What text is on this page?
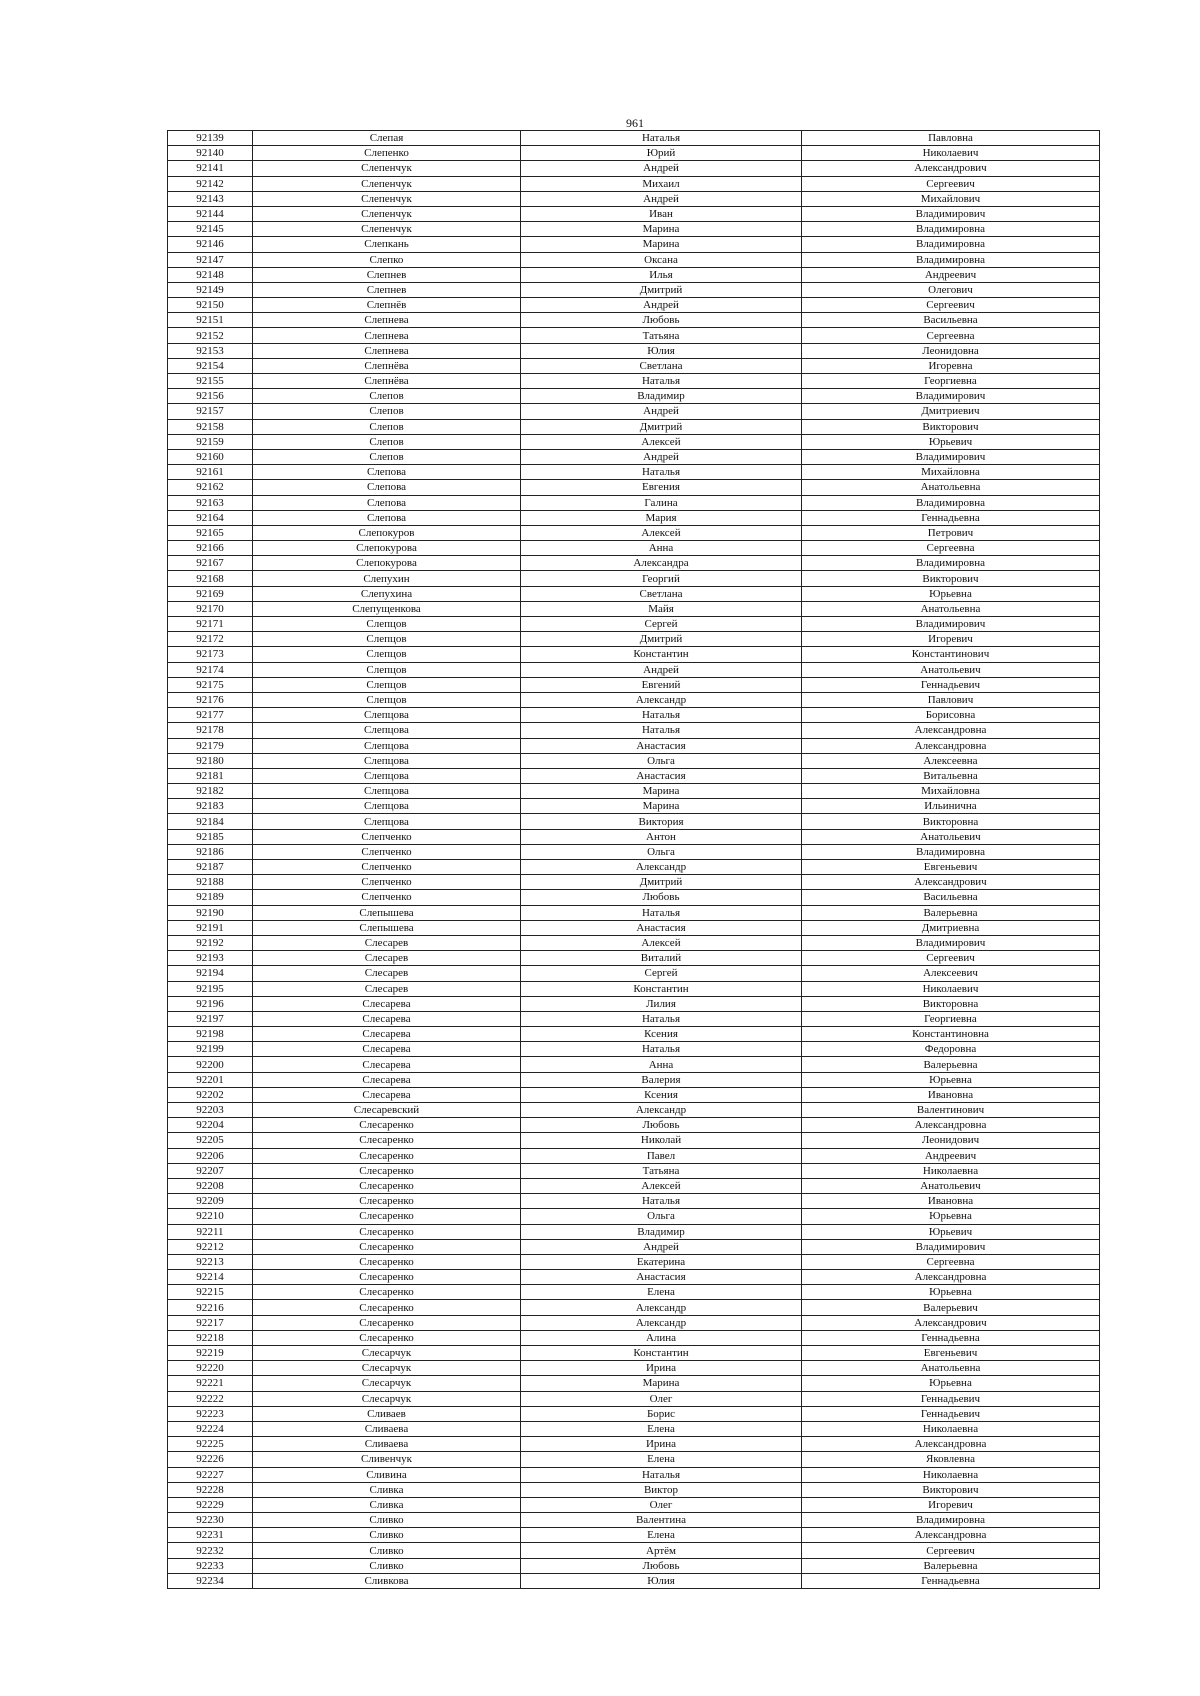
961
92139	Слепая	Наталья	Павловна
92140	Слепенко	Юрий	Николаевич
92141	Слепенчук	Андрей	Александрович
92142	Слепенчук	Михаил	Сергеевич
92143	Слепенчук	Андрей	Михайлович
92144	Слепенчук	Иван	Владимирович
92145	Слепенчук	Марина	Владимировна
92146	Слепкань	Марина	Владимировна
92147	Слепко	Оксана	Владимировна
92148	Слепнев	Илья	Андреевич
92149	Слепнев	Дмитрий	Олегович
92150	Слепнёв	Андрей	Сергеевич
92151	Слепнева	Любовь	Васильевна
92152	Слепнева	Татьяна	Сергеевна
92153	Слепнева	Юлия	Леонидовна
92154	Слепнёва	Светлана	Игоревна
92155	Слепнёва	Наталья	Георгиевна
92156	Слепов	Владимир	Владимирович
92157	Слепов	Андрей	Дмитриевич
92158	Слепов	Дмитрий	Викторович
92159	Слепов	Алексей	Юрьевич
92160	Слепов	Андрей	Владимирович
92161	Слепова	Наталья	Михайловна
92162	Слепова	Евгения	Анатольевна
92163	Слепова	Галина	Владимировна
92164	Слепова	Мария	Геннадьевна
92165	Слепокуров	Алексей	Петрович
92166	Слепокурова	Анна	Сергеевна
92167	Слепокурова	Александра	Владимировна
92168	Слепухин	Георгий	Викторович
92169	Слепухина	Светлана	Юрьевна
92170	Слепущенкова	Майя	Анатольевна
92171	Слепцов	Сергей	Владимирович
92172	Слепцов	Дмитрий	Игоревич
92173	Слепцов	Константин	Константинович
92174	Слепцов	Андрей	Анатольевич
92175	Слепцов	Евгений	Геннадьевич
92176	Слепцов	Александр	Павлович
92177	Слепцова	Наталья	Борисовна
92178	Слепцова	Наталья	Александровна
92179	Слепцова	Анастасия	Александровна
92180	Слепцова	Ольга	Алексеевна
92181	Слепцова	Анастасия	Витальевна
92182	Слепцова	Марина	Михайловна
92183	Слепцова	Марина	Ильинична
92184	Слепцова	Виктория	Викторовна
92185	Слепченко	Антон	Анатольевич
92186	Слепченко	Ольга	Владимировна
92187	Слепченко	Александр	Евгеньевич
92188	Слепченко	Дмитрий	Александрович
92189	Слепченко	Любовь	Васильевна
92190	Слепышева	Наталья	Валерьевна
92191	Слепышева	Анастасия	Дмитриевна
92192	Слесарев	Алексей	Владимирович
92193	Слесарев	Виталий	Сергеевич
92194	Слесарев	Сергей	Алексеевич
92195	Слесарев	Константин	Николаевич
92196	Слесарева	Лилия	Викторовна
92197	Слесарева	Наталья	Георгиевна
92198	Слесарева	Ксения	Константиновна
92199	Слесарева	Наталья	Федоровна
92200	Слесарева	Анна	Валерьевна
92201	Слесарева	Валерия	Юрьевна
92202	Слесарева	Ксения	Ивановна
92203	Слесаревский	Александр	Валентинович
92204	Слесаренко	Любовь	Александровна
92205	Слесаренко	Николай	Леонидович
92206	Слесаренко	Павел	Андреевич
92207	Слесаренко	Татьяна	Николаевна
92208	Слесаренко	Алексей	Анатольевич
92209	Слесаренко	Наталья	Ивановна
92210	Слесаренко	Ольга	Юрьевна
92211	Слесаренко	Владимир	Юрьевич
92212	Слесаренко	Андрей	Владимирович
92213	Слесаренко	Екатерина	Сергеевна
92214	Слесаренко	Анастасия	Александровна
92215	Слесаренко	Елена	Юрьевна
92216	Слесаренко	Александр	Валерьевич
92217	Слесаренко	Александр	Александрович
92218	Слесаренко	Алина	Геннадьевна
92219	Слесарчук	Константин	Евгеньевич
92220	Слесарчук	Ирина	Анатольевна
92221	Слесарчук	Марина	Юрьевна
92222	Слесарчук	Олег	Геннадьевич
92223	Сливаев	Борис	Геннадьевич
92224	Сливаева	Елена	Николаевна
92225	Сливаева	Ирина	Александровна
92226	Сливенчук	Елена	Яковлевна
92227	Сливина	Наталья	Николаевна
92228	Сливка	Виктор	Викторович
92229	Сливка	Олег	Игоревич
92230	Сливко	Валентина	Владимировна
92231	Сливко	Елена	Александровна
92232	Сливко	Артём	Сергеевич
92233	Сливко	Любовь	Валерьевна
92234	Сливкова	Юлия	Геннадьевна
